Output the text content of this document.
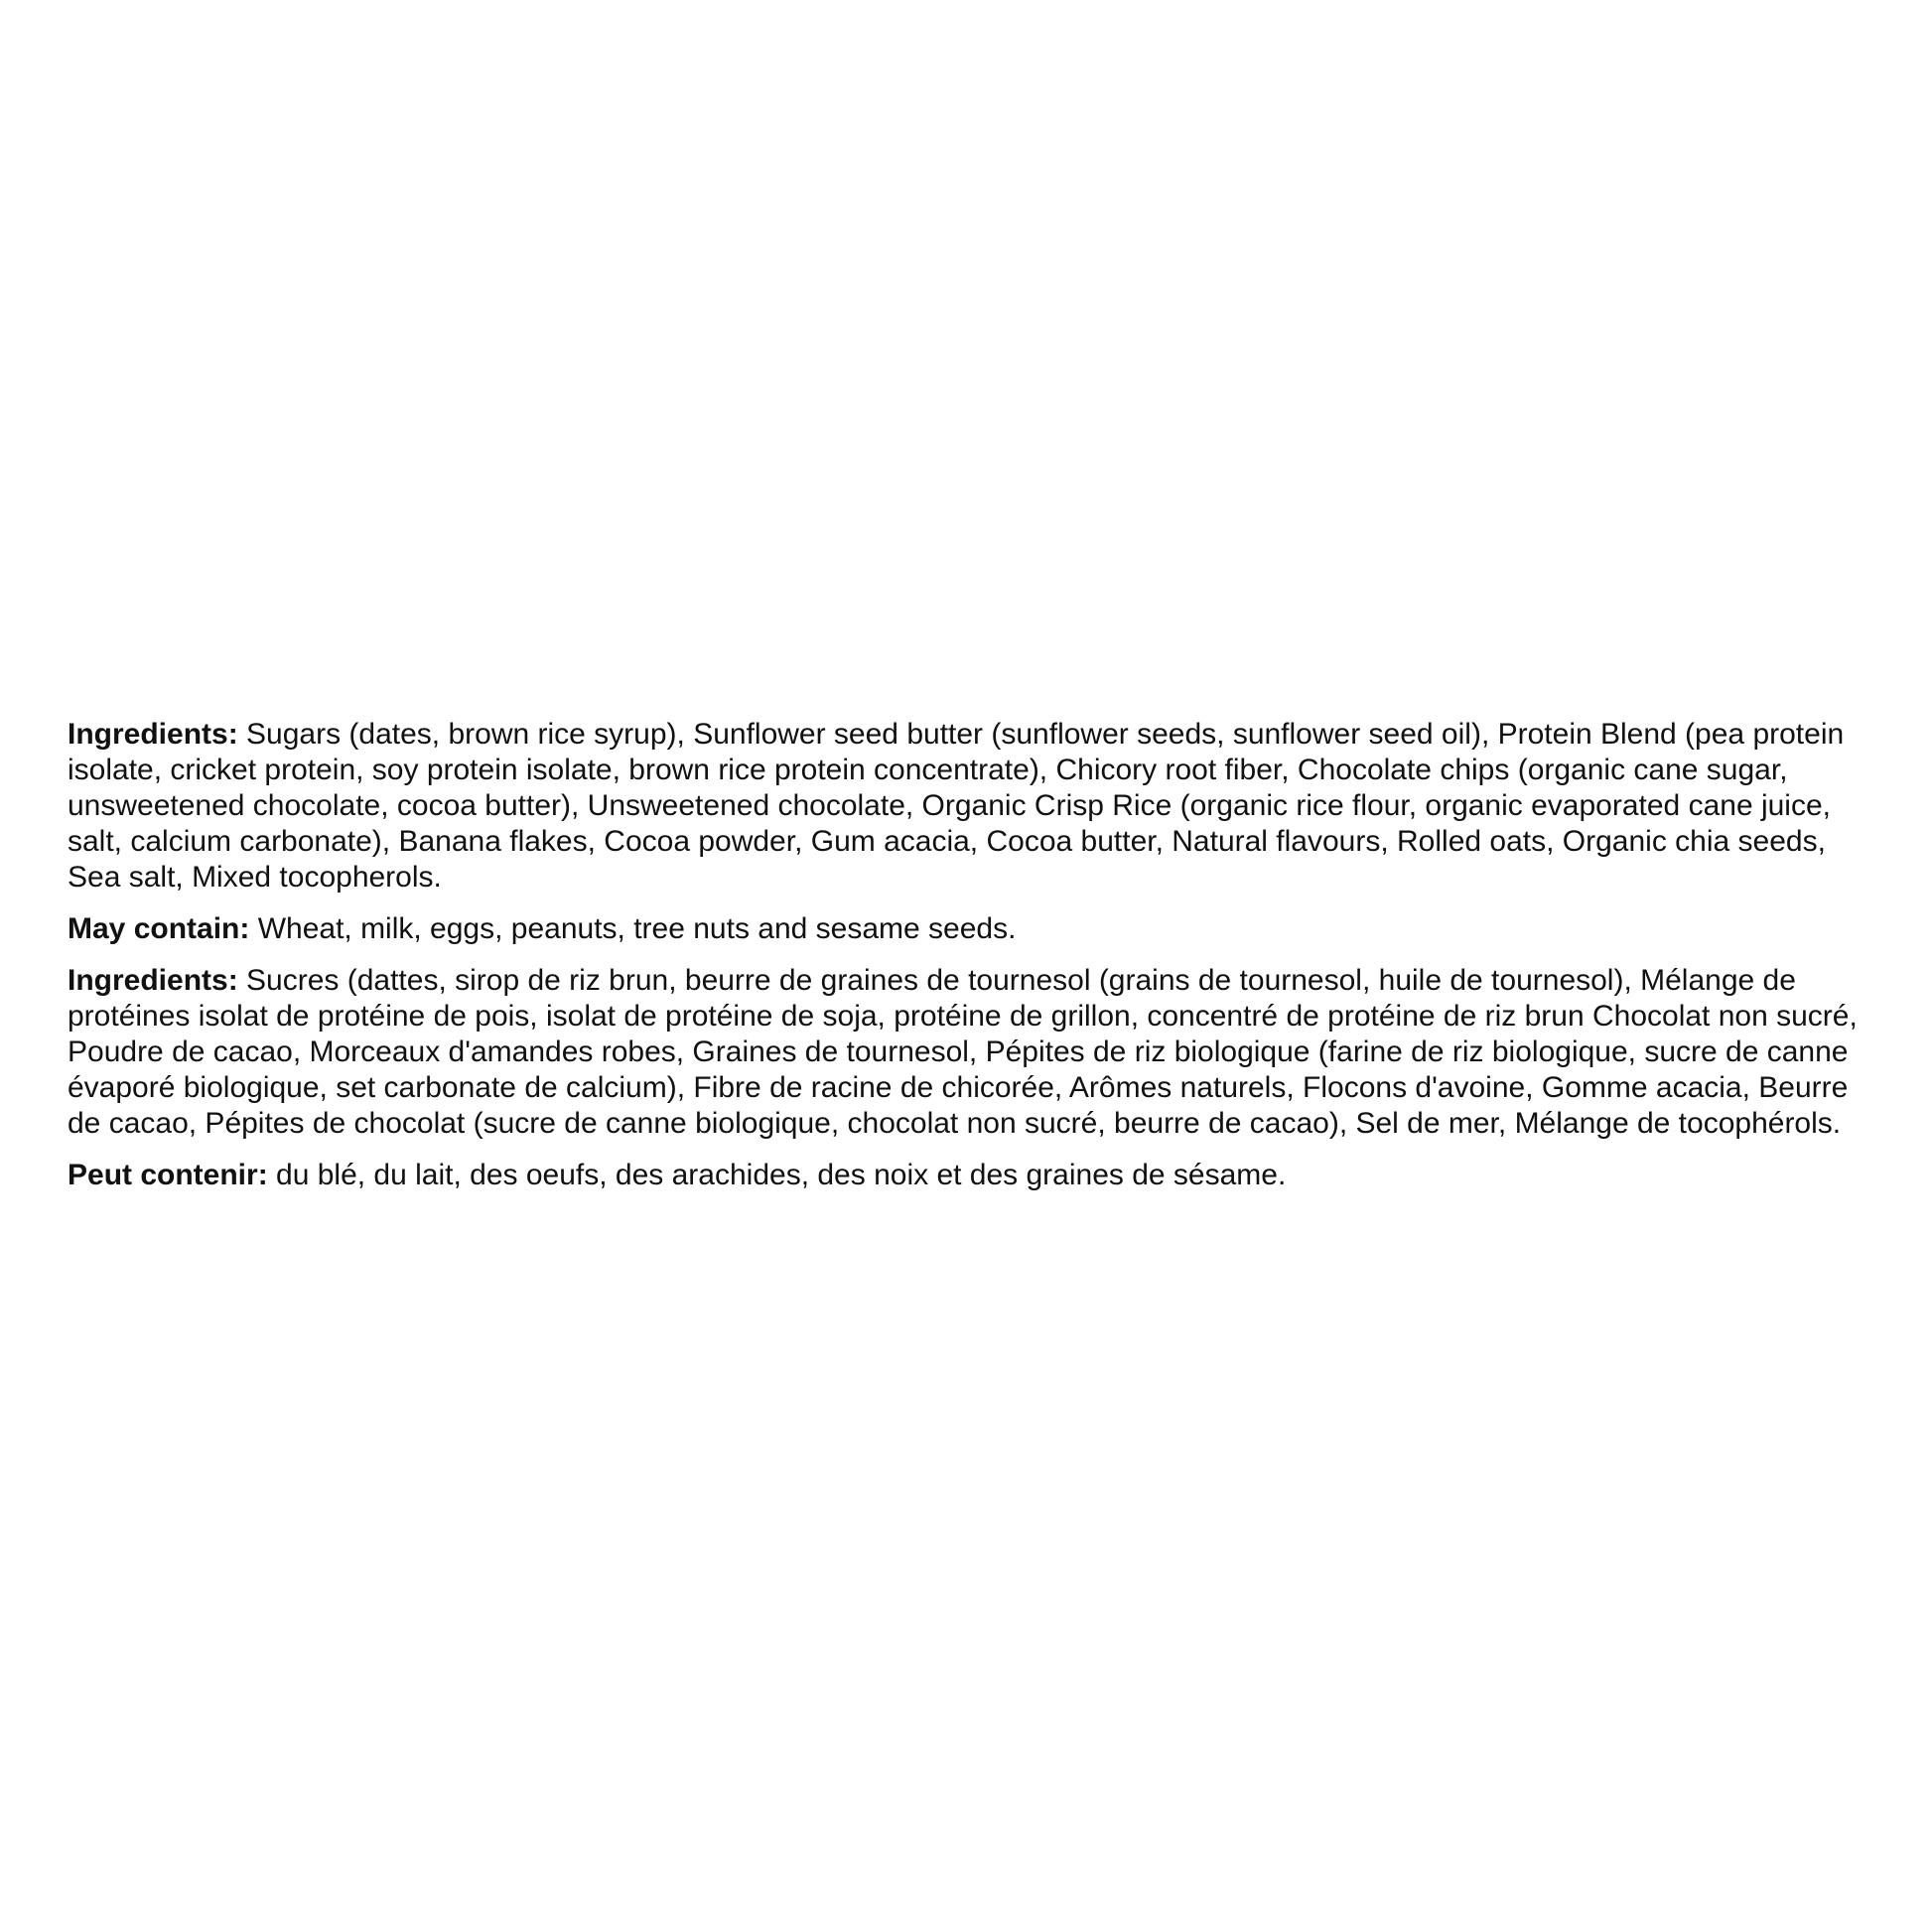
Ingredients: Sugars (dates, brown rice syrup), Sunflower seed butter (sunflower seeds, sunflower seed oil), Protein Blend (pea protein isolate, cricket protein, soy protein isolate, brown rice protein concentrate), Chicory root fiber, Chocolate chips (organic cane sugar, unsweetened chocolate, cocoa butter), Unsweetened chocolate, Organic Crisp Rice (organic rice flour, organic evaporated cane juice, salt, calcium carbonate), Banana flakes, Cocoa powder, Gum acacia, Cocoa butter, Natural flavours, Rolled oats, Organic chia seeds, Sea salt, Mixed tocopherols.

May contain: Wheat, milk, eggs, peanuts, tree nuts and sesame seeds.

Ingredients: Sucres (dattes, sirop de riz brun, beurre de graines de tournesol (grains de tournesol, huile de tournesol), Mélange de protéines isolat de protéine de pois, isolat de protéine de soja, protéine de grillon, concentré de protéine de riz brun Chocolat non sucré, Poudre de cacao, Morceaux d'amandes robes, Graines de tournesol, Pépites de riz biologique (farine de riz biologique, sucre de canne évaporé biologique, set carbonate de calcium), Fibre de racine de chicorée, Arômes naturels, Flocons d'avoine, Gomme acacia, Beurre de cacao, Pépites de chocolat (sucre de canne biologique, chocolat non sucré, beurre de cacao), Sel de mer, Mélange de tocophérols.

Peut contenir: du blé, du lait, des oeufs, des arachides, des noix et des graines de sésame.
